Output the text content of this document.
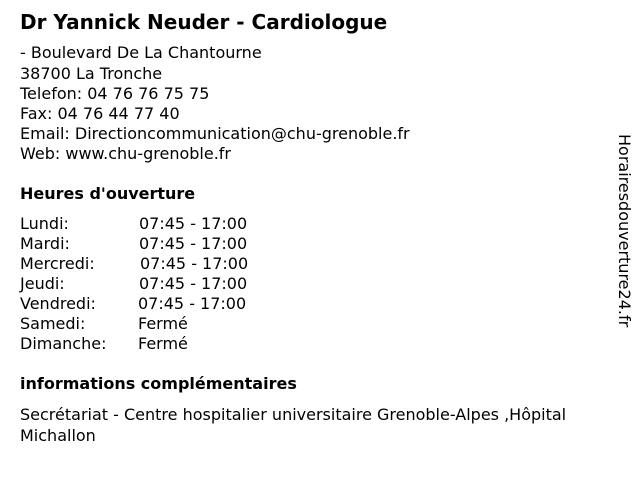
Dr Yannick Neuder - Cardiologue
- Boulevard De La Chantourne
38700 La Tronche
Telefon: 04 76 76 75 75
Fax: 04 76 44 77 40
Email: Directioncommunication@chu-grenoble.fr
Web: www.chu-grenoble.fr
Heures d'ouverture
Lundi:	07:45 - 17:00
Mardi:	07:45 - 17:00
Mercredi:	07:45 - 17:00
Jeudi:	07:45 - 17:00
Vendredi:	07:45 - 17:00
Samedi:	Fermé
Dimanche: Fermé
informations complémentaires
Secrétariat - Centre hospitalier universitaire Grenoble-Alpes ,Hôpital Michallon
Horairesdouverture24.fr
